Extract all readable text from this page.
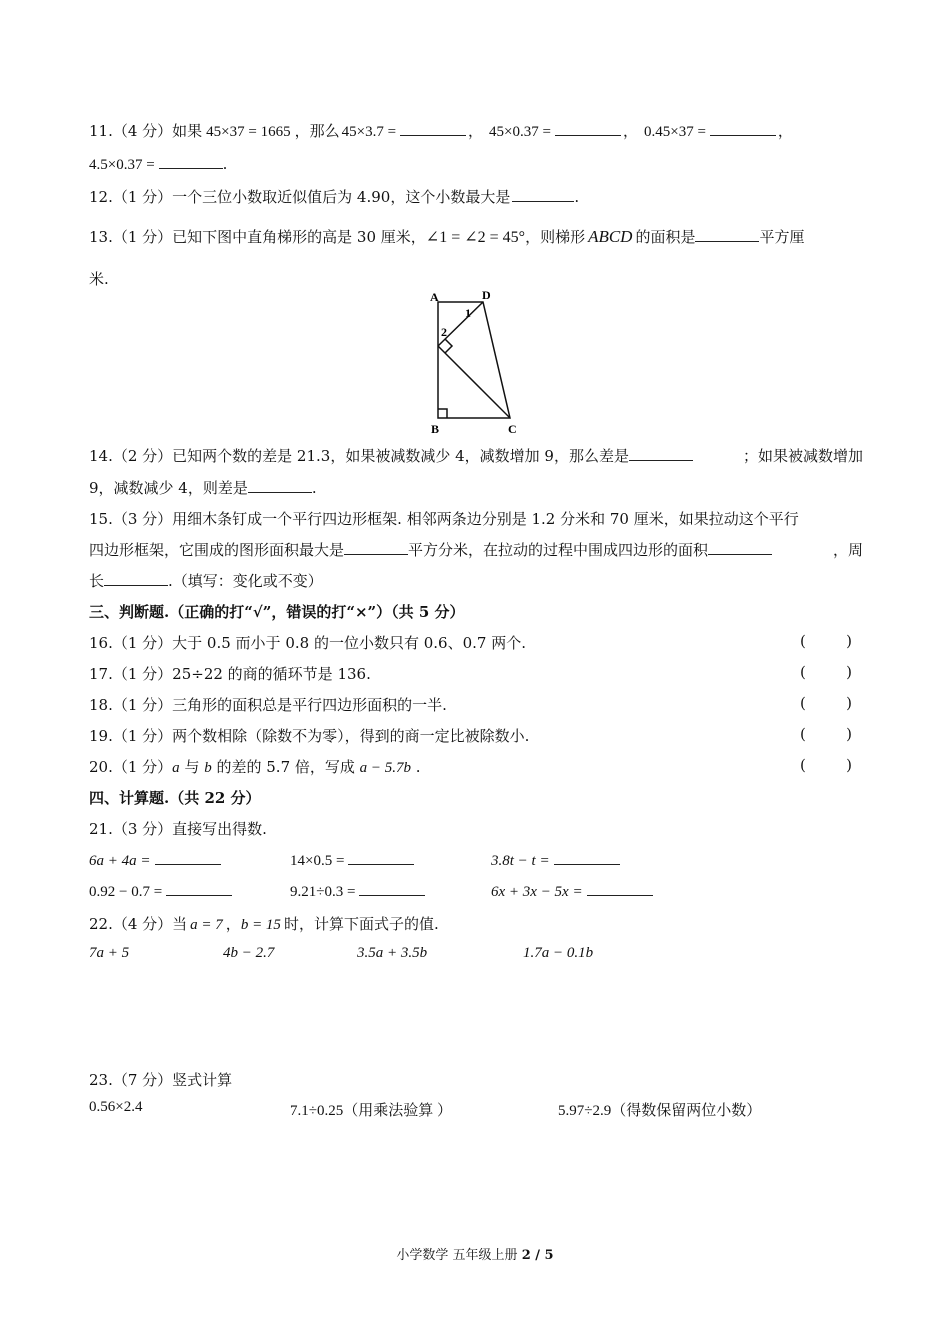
11.（4 分）如果 45×37 = 1665 ，那么 45×3.7 =	， 45×0.37 =	， 0.45×37 =	，
4.5×0.37 =	.
12.（1 分）一个三位小数取近似值后为 4.90，这个小数最大是	.
13.（1 分）已知下图中直角梯形的高是 30 厘米，∠1 = ∠2 = 45°，则梯形 ABCD 的面积是	平方厘
米.
A	D
B	C
1
2
14.（2 分）已知两个数的差是 21.3，如果被减数减少 4，减数增加 9，那么差是	；如果被减数增加
9，减数减少 4，则差是	.
15.（3 分）用细木条钉成一个平行四边形框架. 相邻两条边分别是 1.2 分米和 70 厘米，如果拉动这个平行
四边形框架，它围成的图形面积最大是	平方分米，在拉动的过程中围成四边形的面积	，周
长	.（填写：变化或不变）
三、判断题.（正确的打“√”，错误的打“×”）（共 5 分）
16.（1 分）大于 0.5 而小于 0.8 的一位小数只有 0.6、0.7 两个.	(	)
17.（1 分）25÷22 的商的循环节是 136.	(	)
18.（1 分）三角形的面积总是平行四边形面积的一半.	(	)
19.（1 分）两个数相除（除数不为零），得到的商一定比被除数小.	(	)
20.（1 分）a 与 b 的差的 5.7 倍，写成 a − 5.7b .	(	)
四、计算题.（共 22 分）
21.（3 分）直接写出得数.
6a + 4a =	14×0.5 =	3.8t − t =
0.92 − 0.7 =	9.21÷0.3 =	6x + 3x − 5x =
22.（4 分）当 a = 7 ，b = 15 时，计算下面式子的值.
7a + 5	4b − 2.7	3.5a + 3.5b	1.7a − 0.1b
23.（7 分）竖式计算
0.56×2.4	7.1÷0.25（用乘法验算 ）	5.97÷2.9（得数保留两位小数）
小学数学 五年级上册 2 / 5
